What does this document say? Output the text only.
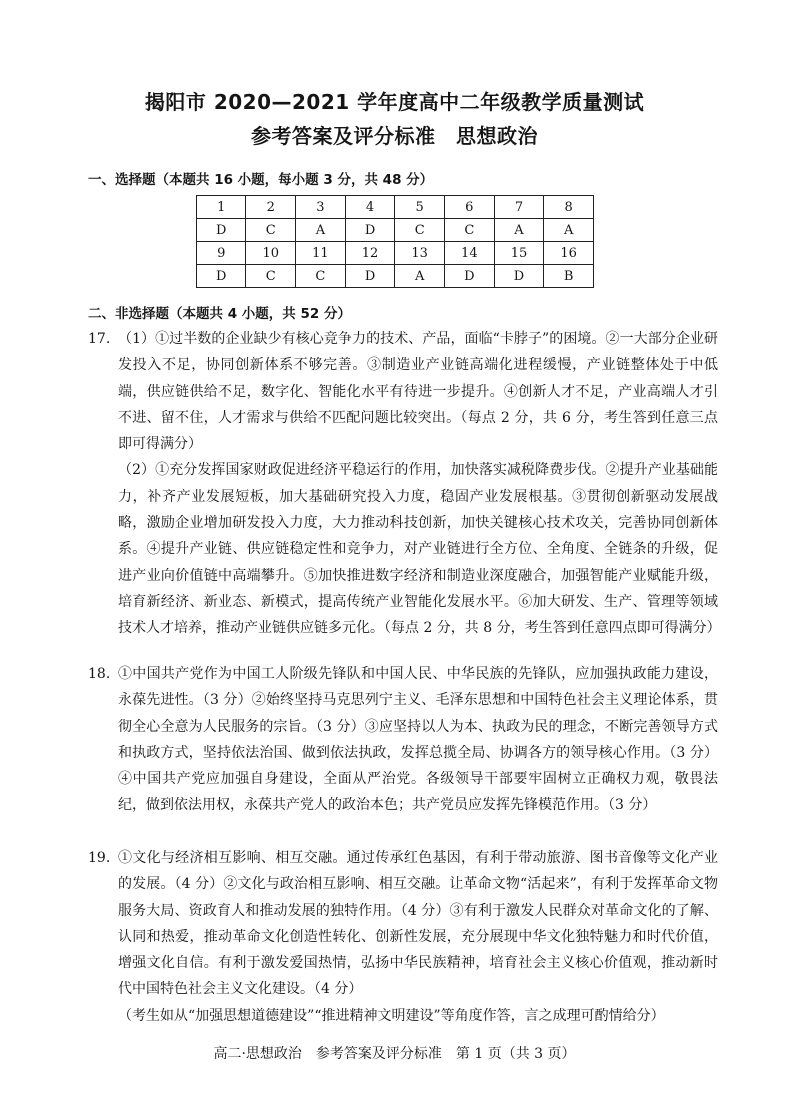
揭阳市 2020—2021 学年度高中二年级教学质量测试
参考答案及评分标准　思想政治
一、选择题（本题共 16 小题，每小题 3 分，共 48 分）
1	2	3	4	5	6	7	8
D	C	A	D	C	C	A	A
9	10	11	12	13	14	15	16
D	C	C	D	A	D	D	B
二、非选择题（本题共 4 小题，共 52 分）
17. （1）①过半数的企业缺少有核心竞争力的技术、产品，面临“卡脖子”的困境。②一大部分企业研发投入不足，协同创新体系不够完善。③制造业产业链高端化进程缓慢，产业链整体处于中低端，供应链供给不足，数字化、智能化水平有待进一步提升。④创新人才不足，产业高端人才引不进、留不住，人才需求与供给不匹配问题比较突出。（每点 2 分，共 6 分，考生答到任意三点即可得满分）

（2）①充分发挥国家财政促进经济平稳运行的作用，加快落实减税降费步伐。②提升产业基础能力，补齐产业发展短板，加大基础研究投入力度，稳固产业发展根基。③贯彻创新驱动发展战略，激励企业增加研发投入力度，大力推动科技创新，加快关键核心技术攻关，完善协同创新体系。④提升产业链、供应链稳定性和竞争力，对产业链进行全方位、全角度、全链条的升级，促进产业向价值链中高端攀升。⑤加快推进数字经济和制造业深度融合，加强智能产业赋能升级，培育新经济、新业态、新模式，提高传统产业智能化发展水平。⑥加大研发、生产、管理等领域技术人才培养，推动产业链供应链多元化。（每点 2 分，共 8 分，考生答到任意四点即可得满分）

18. ①中国共产党作为中国工人阶级先锋队和中国人民、中华民族的先锋队，应加强执政能力建设，永葆先进性。（3 分）②始终坚持马克思列宁主义、毛泽东思想和中国特色社会主义理论体系，贯彻全心全意为人民服务的宗旨。（3 分）③应坚持以人为本、执政为民的理念，不断完善领导方式和执政方式，坚持依法治国、做到依法执政，发挥总揽全局、协调各方的领导核心作用。（3 分）④中国共产党应加强自身建设，全面从严治党。各级领导干部要牢固树立正确权力观，敬畏法纪，做到依法用权，永葆共产党人的政治本色；共产党员应发挥先锋模范作用。（3 分）

19. ①文化与经济相互影响、相互交融。通过传承红色基因，有利于带动旅游、图书音像等文化产业的发展。（4 分）②文化与政治相互影响、相互交融。让革命文物“活起来”，有利于发挥革命文物服务大局、资政育人和推动发展的独特作用。（4 分）③有利于激发人民群众对革命文化的了解、认同和热爱，推动革命文化创造性转化、创新性发展，充分展现中华文化独特魅力和时代价值，增强文化自信。有利于激发爱国热情，弘扬中华民族精神，培育社会主义核心价值观，推动新时代中国特色社会主义文化建设。（4 分）

（考生如从“加强思想道德建设”“推进精神文明建设”等角度作答，言之成理可酌情给分）

高二·思想政治　参考答案及评分标准　第 1 页（共 3 页）
